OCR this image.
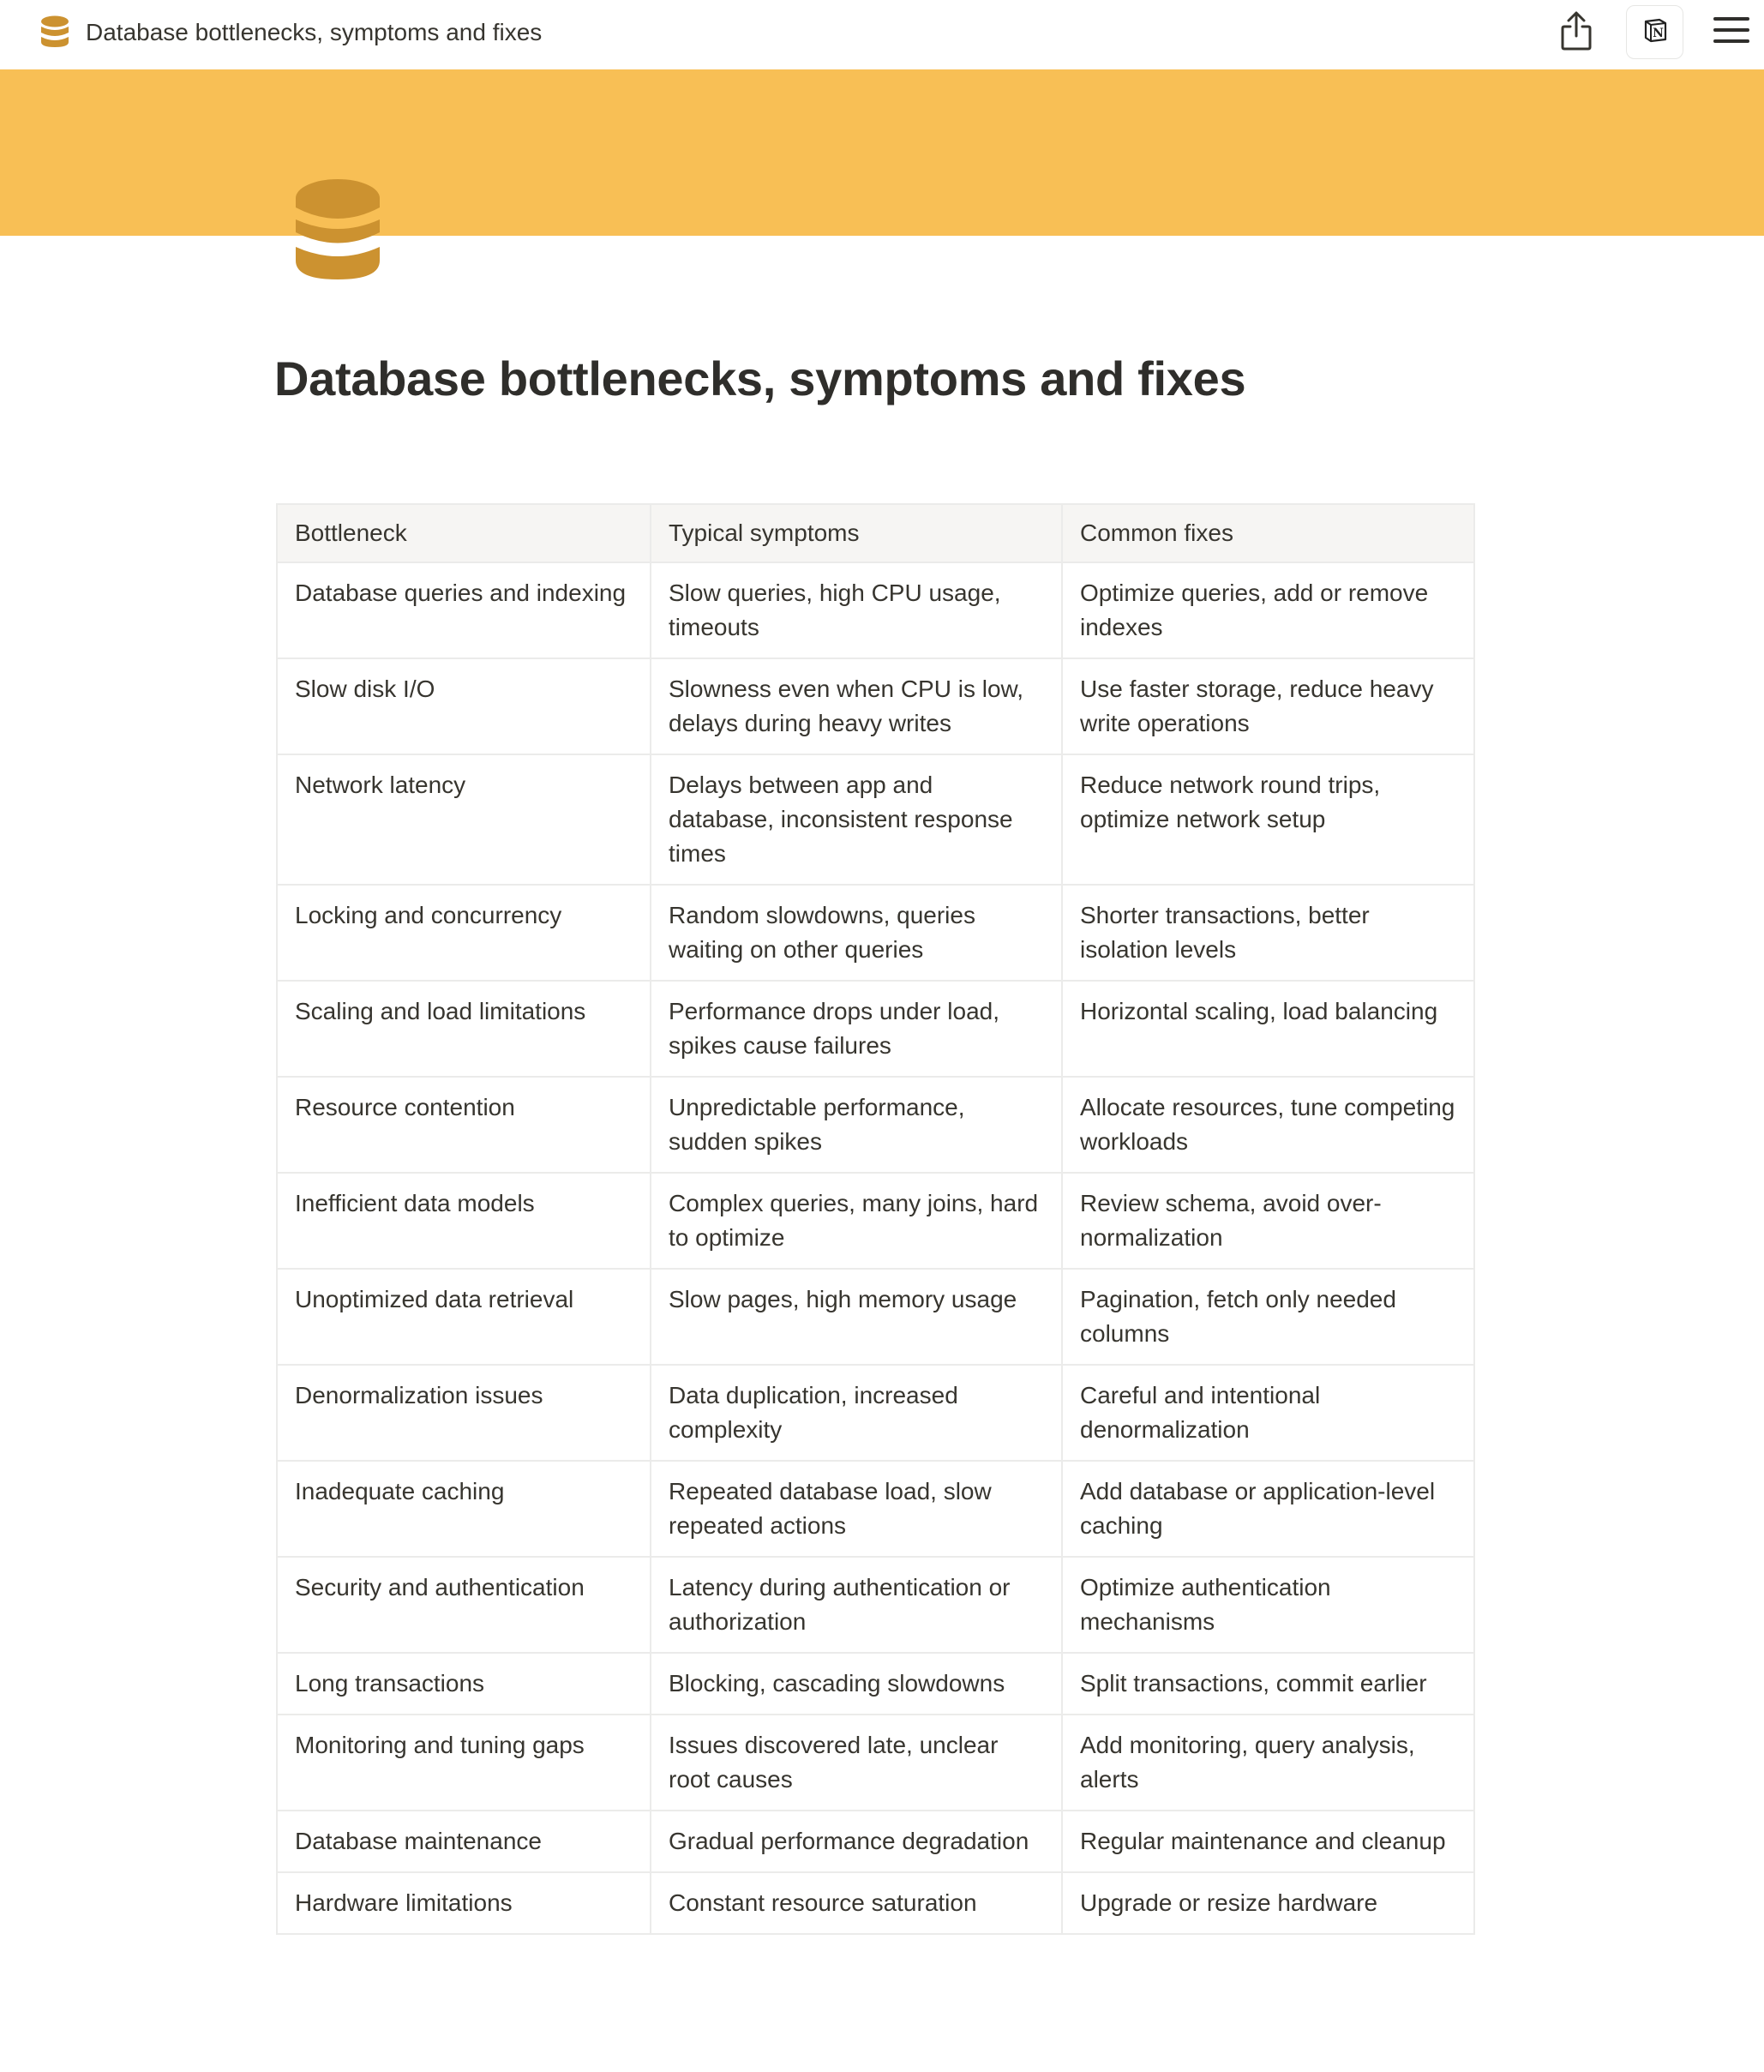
Database bottlenecks, symptoms and fixes	N
Database bottlenecks, symptoms and fixes
Bottleneck	Typical symptoms	Common fixes
Database queries and indexing	Slow queries, high CPU usage, timeouts	Optimize queries, add or remove indexes
Slow disk I/O	Slowness even when CPU is low, delays during heavy writes	Use faster storage, reduce heavy write operations
Network latency	Delays between app and database, inconsistent response times	Reduce network round trips, optimize network setup
Locking and concurrency	Random slowdowns, queries waiting on other queries	Shorter transactions, better isolation levels
Scaling and load limitations	Performance drops under load, spikes cause failures	Horizontal scaling, load balancing
Resource contention	Unpredictable performance, sudden spikes	Allocate resources, tune competing workloads
Inefficient data models	Complex queries, many joins, hard to optimize	Review schema, avoid over-normalization
Unoptimized data retrieval	Slow pages, high memory usage	Pagination, fetch only needed columns
Denormalization issues	Data duplication, increased complexity	Careful and intentional denormalization
Inadequate caching	Repeated database load, slow repeated actions	Add database or application-level caching
Security and authentication	Latency during authentication or authorization	Optimize authentication mechanisms
Long transactions	Blocking, cascading slowdowns	Split transactions, commit earlier
Monitoring and tuning gaps	Issues discovered late, unclear root causes	Add monitoring, query analysis, alerts
Database maintenance	Gradual performance degradation	Regular maintenance and cleanup
Hardware limitations	Constant resource saturation	Upgrade or resize hardware
